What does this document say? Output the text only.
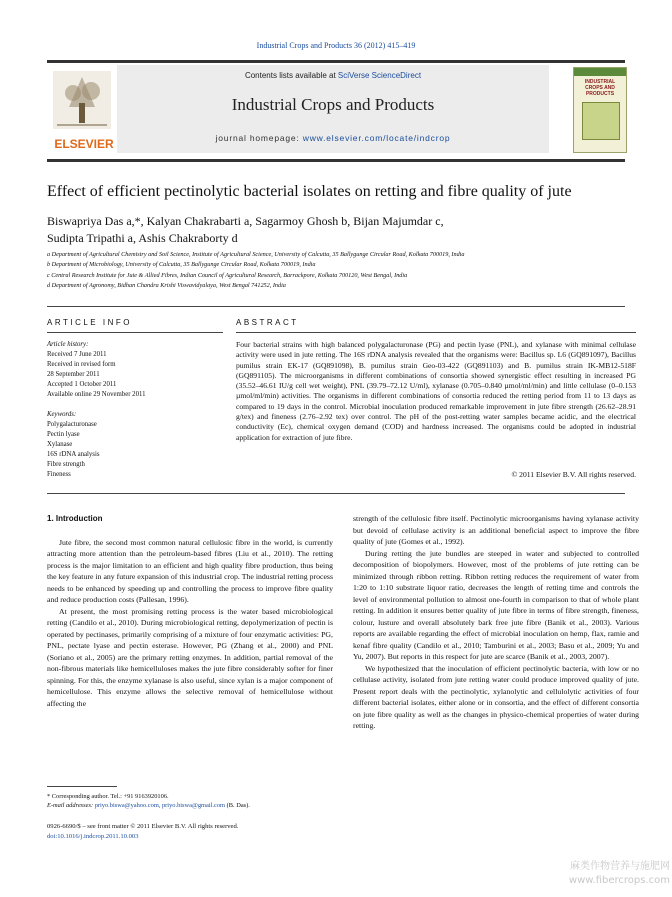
Industrial Crops and Products 36 (2012) 415–419
ELSEVIER
Contents lists available at SciVerse ScienceDirect
Industrial Crops and Products
journal homepage: www.elsevier.com/locate/indcrop
INDUSTRIAL CROPS AND PRODUCTS
Effect of efficient pectinolytic bacterial isolates on retting and fibre quality of jute
Biswapriya Das a,*, Kalyan Chakrabarti a, Sagarmoy Ghosh b, Bijan Majumdar c,
Sudipta Tripathi a, Ashis Chakraborty d
a Department of Agricultural Chemistry and Soil Science, Institute of Agricultural Science, University of Calcutta, 35 Ballygunge Circular Road, Kolkata 700019, India
b Department of Microbiology, University of Calcutta, 35 Ballygunge Circular Road, Kolkata 700019, India
c Central Research Institute for Jute & Allied Fibres, Indian Council of Agricultural Research, Barrackpore, Kolkata 700120, West Bengal, India
d Department of Agronomy, Bidhan Chandra Krishi Viswavidyalaya, West Bengal 741252, India
ARTICLE INFO	ABSTRACT
Article history:
Received 7 June 2011
Received in revised form
28 September 2011
Accepted 1 October 2011
Available online 29 November 2011
Keywords:
Polygalacturonase
Pectin lyase
Xylanase
16S rDNA analysis
Fibre strength
Fineness
Four bacterial strains with high balanced polygalacturonase (PG) and pectin lyase (PNL), and xylanase with minimal cellulase activity were used in jute retting. The 16S rDNA analysis revealed that the organisms were: Bacillus sp. L6 (GQ891097), Bacillus pumilus strain EK-17 (GQ891098), B. pumilus strain Geo-03-422 (GQ891103) and B. pumilus strain IK-MB12-518F (GQ891105). The microorganisms in different combinations of consortia showed synergistic effect resulting in increased PG (35.52–46.61 IU/g cell wet weight), PNL (39.79–72.12 U/ml), xylanase (0.705–0.840 µmol/ml/min) and little cellulase (0–0.153 µmol/ml/min) activities. The organisms in different combinations of consortia reduced the retting period from 11 to 13 days as compared to 19 days in the control. Microbial inoculation produced remarkable improvement in jute fibre strength (26.62–28.91 g/tex) and fineness (2.76–2.92 tex) over control. The pH of the post-retting water samples became acidic, and the electrical conductivity (Ec), chemical oxygen demand (COD) and hardness increased. The organisms could be adopted in industrial application for extraction of jute fibre.
© 2011 Elsevier B.V. All rights reserved.
1. Introduction

Jute fibre, the second most common natural cellulosic fibre in the world, is currently attracting more attention than the petroleum-based fibres (Liu et al., 2010). The retting process is the major limitation to an efficient and high quality fibre production, thus being the key feature in any future expansion of this industrial crop. The industrial retting process needs to be enhanced by speeding up and controlling the process to improve fibre quality and reduce production costs (Pallesan, 1996).

At present, the most promising retting process is the water based microbiological retting (Candilo et al., 2010). During microbiological retting, depolymerization of pectin is operated by pectinases, primarily comprising of a mixture of four enzymatic activities: PG, PNL, pectate lyase and pectin esterase. However, PG (Zhang et al., 2000) and PNL (Soriano et al., 2005) are the primary retting enzymes. In addition, partial removal of the non-fibrous materials like hemicelluloses makes the jute fibre considerably softer for finer spinning. For this, the enzyme xylanase is also useful, since xylan is a major component of hemicellulose. This enzyme allows the selective removal of hemicellulose without affecting the

strength of the cellulosic fibre itself. Pectinolytic microorganisms having xylanase activity but devoid of cellulase activity is an additional beneficial aspect to improve the fibre quality of jute (Gomes et al., 1992).

During retting the jute bundles are steeped in water and subjected to controlled decomposition of biopolymers. However, most of the problems of jute retting can be minimized through ribbon retting. Ribbon retting reduces the requirement of water from 1:20 to 1:10 substrate liquor ratio, decreases the length of retting time and controls the level of environmental pollution to almost one-fourth in comparison to that of whole plant retting. In addition it ensures better quality of jute fibre in terms of fibre strength, fineness, colour, lusture and overall absolutely bark free jute fibre (Banik et al., 2003). Various reports are available regarding the effect of microbial inoculation on hemp, flax, ramie and kenaf fibre quality (Candilo et al., 2010; Tamburini et al., 2003; Basu et al., 2009; Yu and Yu, 2007). But reports in this respect for jute are scarce (Banik et al., 2003, 2007).

We hypothesized that the inoculation of efficient pectinolytic bacteria, with low or no cellulase activity, isolated from jute retting water could produce improved quality of jute. Present report deals with the pectinolytic, xylanolytic and cellulolytic activities of four different bacterial isolates, either alone or in consortia, and the effect of different consortia on jute fibre quality as well as the changes in physico-chemical properties of water during retting.

* Corresponding author. Tel.: +91 9163920106.
E-mail addresses: priyo.biswa@yahoo.com, priyo.biswa@gmail.com (B. Das).
0926-6690/$ – see front matter © 2011 Elsevier B.V. All rights reserved.
doi:10.1016/j.indcrop.2011.10.003
麻类作物营养与施肥网
www.fibercrops.com
